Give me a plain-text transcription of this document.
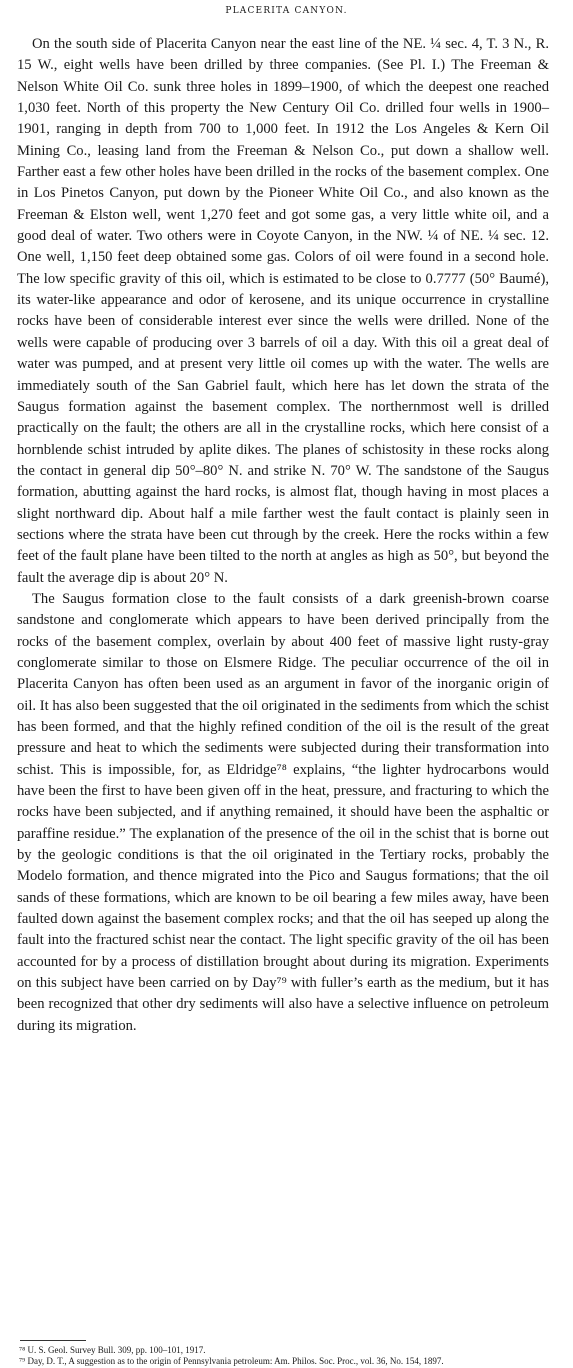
PLACERITA CANYON.

On the south side of Placerita Canyon near the east line of the NE. ¼ sec. 4, T. 3 N., R. 15 W., eight wells have been drilled by three companies. (See Pl. I.) The Freeman & Nelson White Oil Co. sunk three holes in 1899–1900, of which the deepest one reached 1,030 feet. North of this property the New Century Oil Co. drilled four wells in 1900–1901, ranging in depth from 700 to 1,000 feet. In 1912 the Los Angeles & Kern Oil Mining Co., leasing land from the Freeman & Nelson Co., put down a shallow well. Farther east a few other holes have been drilled in the rocks of the basement complex. One in Los Pinetos Canyon, put down by the Pioneer White Oil Co., and also known as the Freeman & Elston well, went 1,270 feet and got some gas, a very little white oil, and a good deal of water. Two others were in Coyote Canyon, in the NW. ¼ of NE. ¼ sec. 12. One well, 1,150 feet deep obtained some gas. Colors of oil were found in a second hole. The low specific gravity of this oil, which is estimated to be close to 0.7777 (50° Baumé), its water-like appearance and odor of kerosene, and its unique occurrence in crystalline rocks have been of considerable interest ever since the wells were drilled. None of the wells were capable of producing over 3 barrels of oil a day. With this oil a great deal of water was pumped, and at present very little oil comes up with the water. The wells are immediately south of the San Gabriel fault, which here has let down the strata of the Saugus formation against the basement complex. The northernmost well is drilled practically on the fault; the others are all in the crystalline rocks, which here consist of a hornblende schist intruded by aplite dikes. The planes of schistosity in these rocks along the contact in general dip 50°–80° N. and strike N. 70° W. The sandstone of the Saugus formation, abutting against the hard rocks, is almost flat, though having in most places a slight northward dip. About half a mile farther west the fault contact is plainly seen in sections where the strata have been cut through by the creek. Here the rocks within a few feet of the fault plane have been tilted to the north at angles as high as 50°, but beyond the fault the average dip is about 20° N.

The Saugus formation close to the fault consists of a dark greenish-brown coarse sandstone and conglomerate which appears to have been derived principally from the rocks of the basement complex, overlain by about 400 feet of massive light rusty-gray conglomerate similar to those on Elsmere Ridge. The peculiar occurrence of the oil in Placerita Canyon has often been used as an argument in favor of the inorganic origin of oil. It has also been suggested that the oil originated in the sediments from which the schist has been formed, and that the highly refined condition of the oil is the result of the great pressure and heat to which the sediments were subjected during their transformation into schist. This is impossible, for, as Eldridge⁷⁸ explains, “the lighter hydrocarbons would have been the first to have been given off in the heat, pressure, and fracturing to which the rocks have been subjected, and if anything remained, it should have been the asphaltic or paraffine residue.” The explanation of the presence of the oil in the schist that is borne out by the geologic conditions is that the oil originated in the Tertiary rocks, probably the Modelo formation, and thence migrated into the Pico and Saugus formations; that the oil sands of these formations, which are known to be oil bearing a few miles away, have been faulted down against the basement complex rocks; and that the oil has seeped up along the fault into the fractured schist near the contact. The light specific gravity of the oil has been accounted for by a process of distillation brought about during its migration. Experiments on this subject have been carried on by Day⁷⁹ with fuller’s earth as the medium, but it has been recognized that other dry sediments will also have a selective influence on petroleum during its migration.

⁷⁸ U. S. Geol. Survey Bull. 309, pp. 100–101, 1917.

⁷⁹ Day, D. T., A suggestion as to the origin of Pennsylvania petroleum: Am. Philos. Soc. Proc., vol. 36, No. 154, 1897.
